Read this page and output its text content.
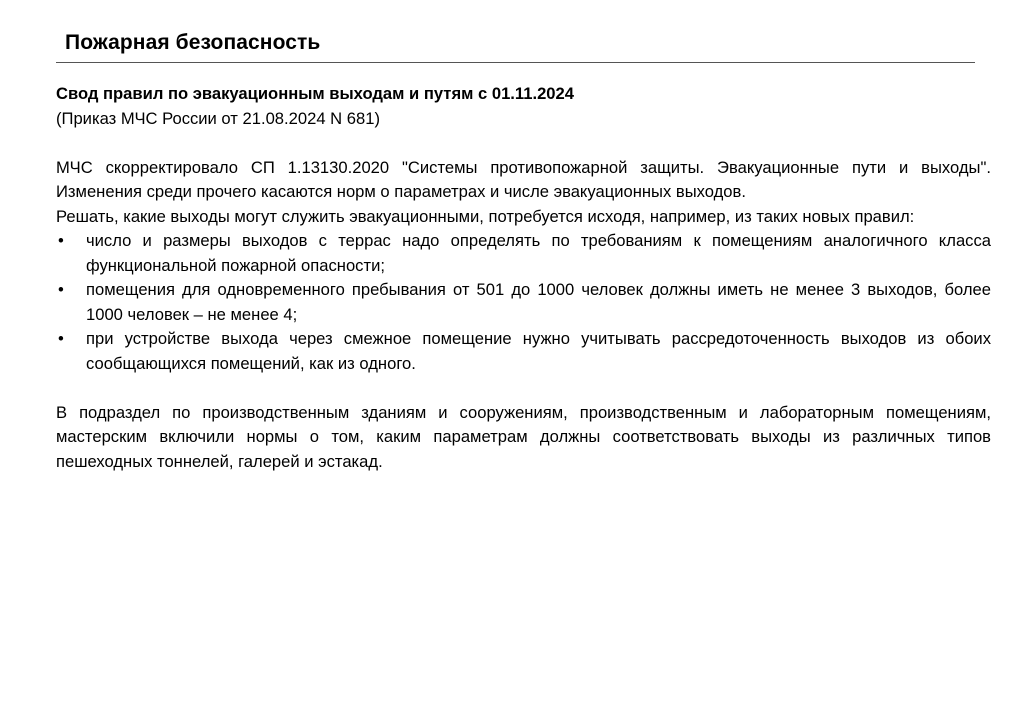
Пожарная безопасность

Свод правил по эвакуационным выходам и путям с 01.11.2024

(Приказ МЧС России от 21.08.2024 N 681)

МЧС скорректировало СП 1.13130.2020 "Системы противопожарной защиты. Эвакуационные пути и выходы". Изменения среди прочего касаются норм о параметрах и числе эвакуационных выходов.

Решать, какие выходы могут служить эвакуационными, потребуется исходя, например, из таких новых правил:

• число и размеры выходов с террас надо определять по требованиям к помещениям аналогичного класса функциональной пожарной опасности;
• помещения для одновременного пребывания от 501 до 1000 человек должны иметь не менее 3 выходов, более 1000 человек – не менее 4;
• при устройстве выхода через смежное помещение нужно учитывать рассредоточенность выходов из обоих сообщающихся помещений, как из одного.

В подраздел по производственным зданиям и сооружениям, производственным и лабораторным помещениям, мастерским включили нормы о том, каким параметрам должны соответствовать выходы из различных типов пешеходных тоннелей, галерей и эстакад.
